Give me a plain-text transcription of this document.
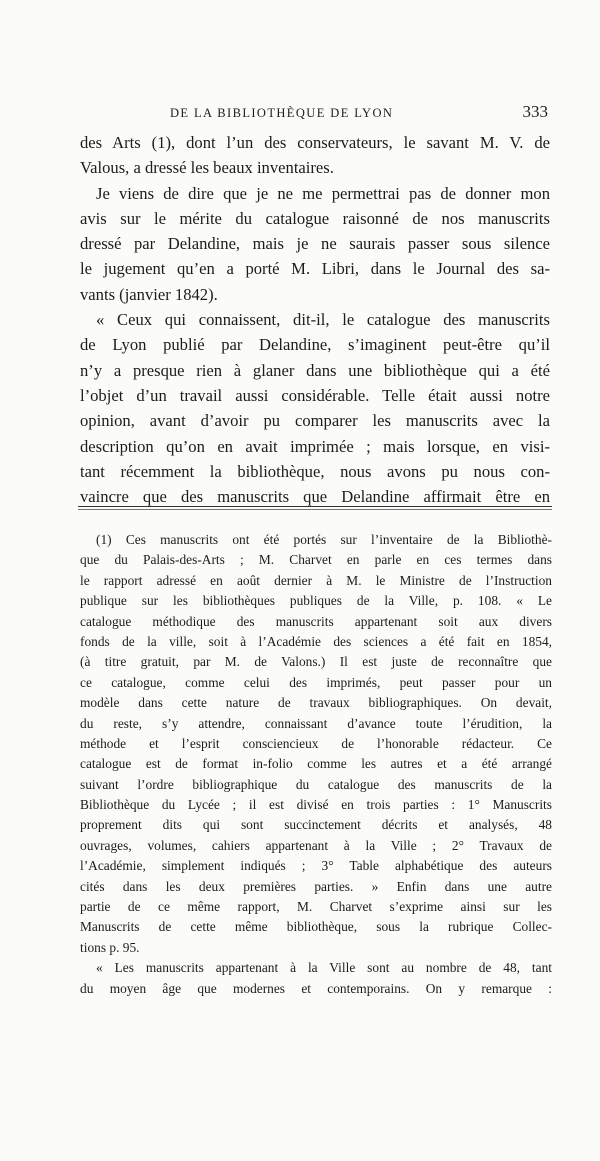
DE LA BIBLIOTHÈQUE DE LYON	333
des Arts (1), dont l’un des conservateurs, le savant M. V. de
Valous, a dressé les beaux inventaires.
Je viens de dire que je ne me permettrai pas de donner mon
avis sur le mérite du catalogue raisonné de nos manuscrits
dressé par Delandine, mais je ne saurais passer sous silence
le jugement qu’en a porté M. Libri, dans le Journal des sa-
vants (janvier 1842).
« Ceux qui connaissent, dit-il, le catalogue des manuscrits
de Lyon publié par Delandine, s’imaginent peut-être qu’il
n’y a presque rien à glaner dans une bibliothèque qui a été
l’objet d’un travail aussi considérable. Telle était aussi notre
opinion, avant d’avoir pu comparer les manuscrits avec la
description qu’on en avait imprimée ; mais lorsque, en visi-
tant récemment la bibliothèque, nous avons pu nous con-
vaincre que des manuscrits que Delandine affirmait être en
(1) Ces manuscrits ont été portés sur l’inventaire de la Bibliothè-
que du Palais-des-Arts ; M. Charvet en parle en ces termes dans
le rapport adressé en août dernier à M. le Ministre de l’Instruction
publique sur les bibliothèques publiques de la Ville, p. 108. « Le
catalogue méthodique des manuscrits appartenant soit aux divers
fonds de la ville, soit à l’Académie des sciences a été fait en 1854,
(à titre gratuit, par M. de Valons.) Il est juste de reconnaître que
ce catalogue, comme celui des imprimés, peut passer pour un
modèle dans cette nature de travaux bibliographiques. On devait,
du reste, s’y attendre, connaissant d’avance toute l’érudition, la
méthode et l’esprit consciencieux de l’honorable rédacteur. Ce
catalogue est de format in-folio comme les autres et a été arrangé
suivant l’ordre bibliographique du catalogue des manuscrits de la
Bibliothèque du Lycée ; il est divisé en trois parties : 1° Manuscrits
proprement dits qui sont succinctement décrits et analysés, 48
ouvrages, volumes, cahiers appartenant à la Ville ; 2° Travaux de
l’Académie, simplement indiqués ; 3° Table alphabétique des auteurs
cités dans les deux premières parties. » Enfin dans une autre
partie de ce même rapport, M. Charvet s’exprime ainsi sur les
Manuscrits de cette même bibliothèque, sous la rubrique Collec-
tions p. 95.
« Les manuscrits appartenant à la Ville sont au nombre de 48, tant
du moyen âge que modernes et contemporains. On y remarque :
